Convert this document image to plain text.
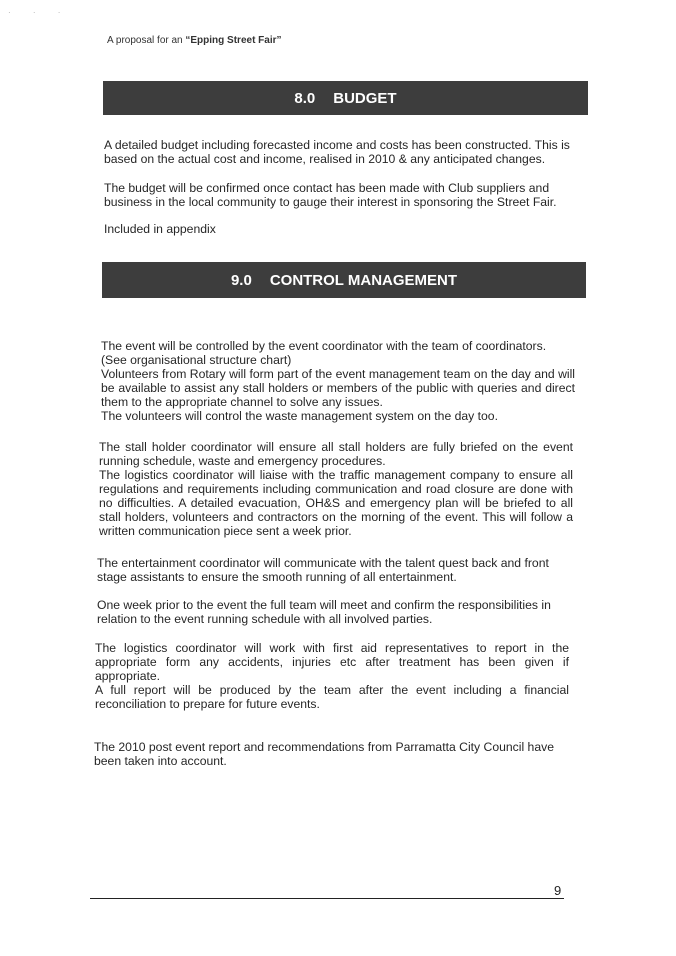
· · ·
A proposal for an “Epping Street Fair”
8.0 BUDGET
A detailed budget including forecasted income and costs has been constructed. This is based on the actual cost and income, realised in 2010 & any anticipated changes.
The budget will be confirmed once contact has been made with Club suppliers and business in the local community to gauge their interest in sponsoring the Street Fair.
Included in appendix
9.0 CONTROL MANAGEMENT
The event will be controlled by the event coordinator with the team of coordinators.
(See organisational structure chart)
Volunteers from Rotary will form part of the event management team on the day and will be available to assist any stall holders or members of the public with queries and direct them to the appropriate channel to solve any issues.
The volunteers will control the waste management system on the day too.
The stall holder coordinator will ensure all stall holders are fully briefed on the event running schedule, waste and emergency procedures.
The logistics coordinator will liaise with the traffic management company to ensure all regulations and requirements including communication and road closure are done with no difficulties. A detailed evacuation, OH&S and emergency plan will be briefed to all stall holders, volunteers and contractors on the morning of the event. This will follow a written communication piece sent a week prior.
The entertainment coordinator will communicate with the talent quest back and front stage assistants to ensure the smooth running of all entertainment.
One week prior to the event the full team will meet and confirm the responsibilities in relation to the event running schedule with all involved parties.
The logistics coordinator will work with first aid representatives to report in the appropriate form any accidents, injuries etc after treatment has been given if appropriate.
A full report will be produced by the team after the event including a financial reconciliation to prepare for future events.
The 2010 post event report and recommendations from Parramatta City Council have been taken into account.
9
